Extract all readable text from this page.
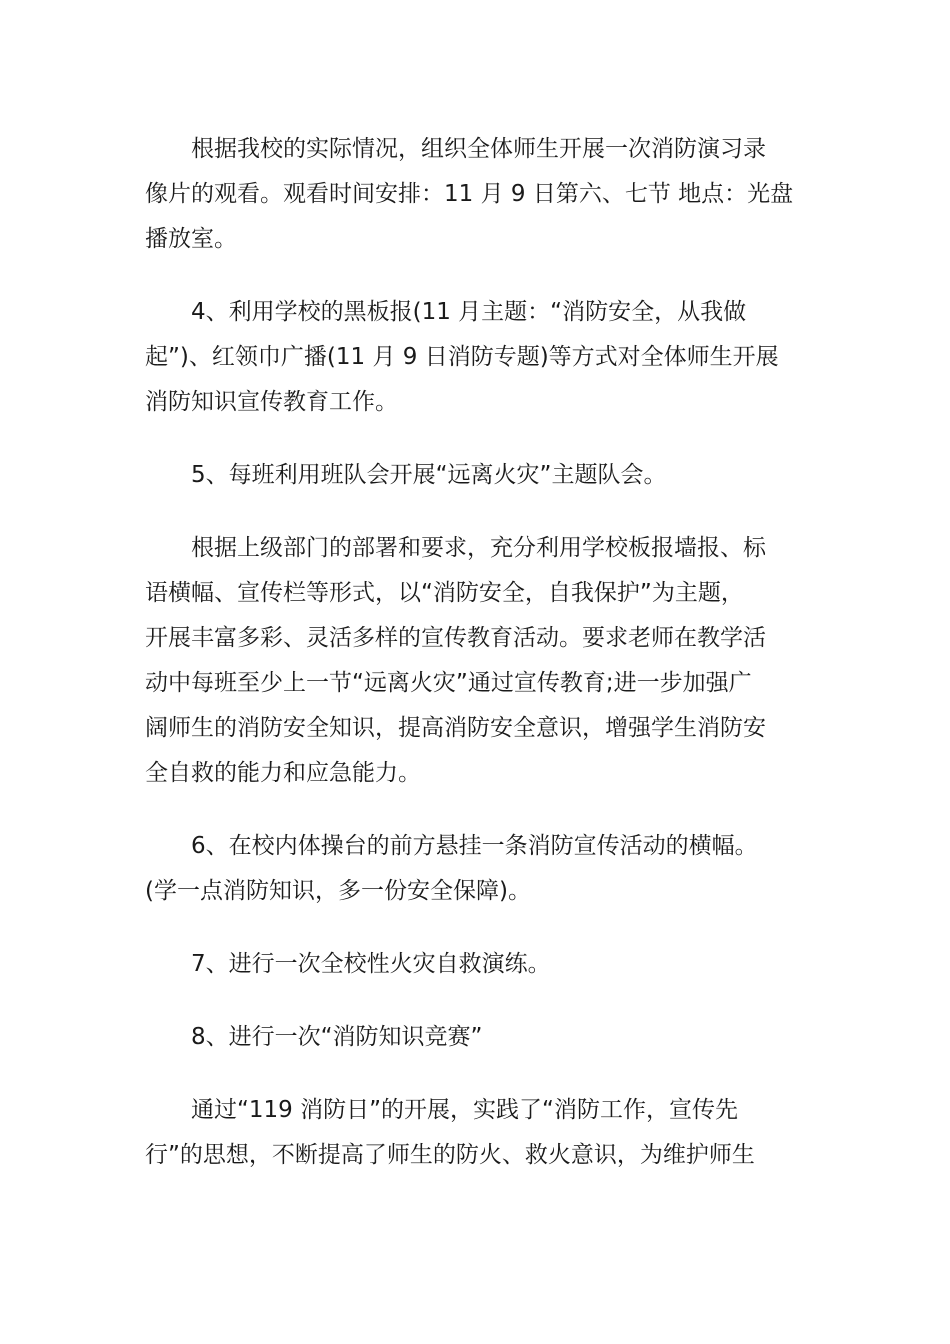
根据我校的实际情况，组织全体师生开展一次消防演习录
像片的观看。观看时间安排：11 月 9 日第六、七节 地点：光盘
播放室。

4、利用学校的黑板报(11 月主题：“消防安全，从我做
起”)、红领巾广播(11 月 9 日消防专题)等方式对全体师生开展
消防知识宣传教育工作。

5、每班利用班队会开展“远离火灾”主题队会。

根据上级部门的部署和要求，充分利用学校板报墙报、标
语横幅、宣传栏等形式，以“消防安全，自我保护”为主题，
开展丰富多彩、灵活多样的宣传教育活动。要求老师在教学活
动中每班至少上一节“远离火灾”通过宣传教育;进一步加强广
阔师生的消防安全知识，提高消防安全意识，增强学生消防安
全自救的能力和应急能力。

6、在校内体操台的前方悬挂一条消防宣传活动的横幅。
(学一点消防知识，多一份安全保障)。

7、进行一次全校性火灾自救演练。

8、进行一次“消防知识竞赛”

通过“119 消防日”的开展，实践了“消防工作，宣传先
行”的思想，不断提高了师生的防火、救火意识，为维护师生
